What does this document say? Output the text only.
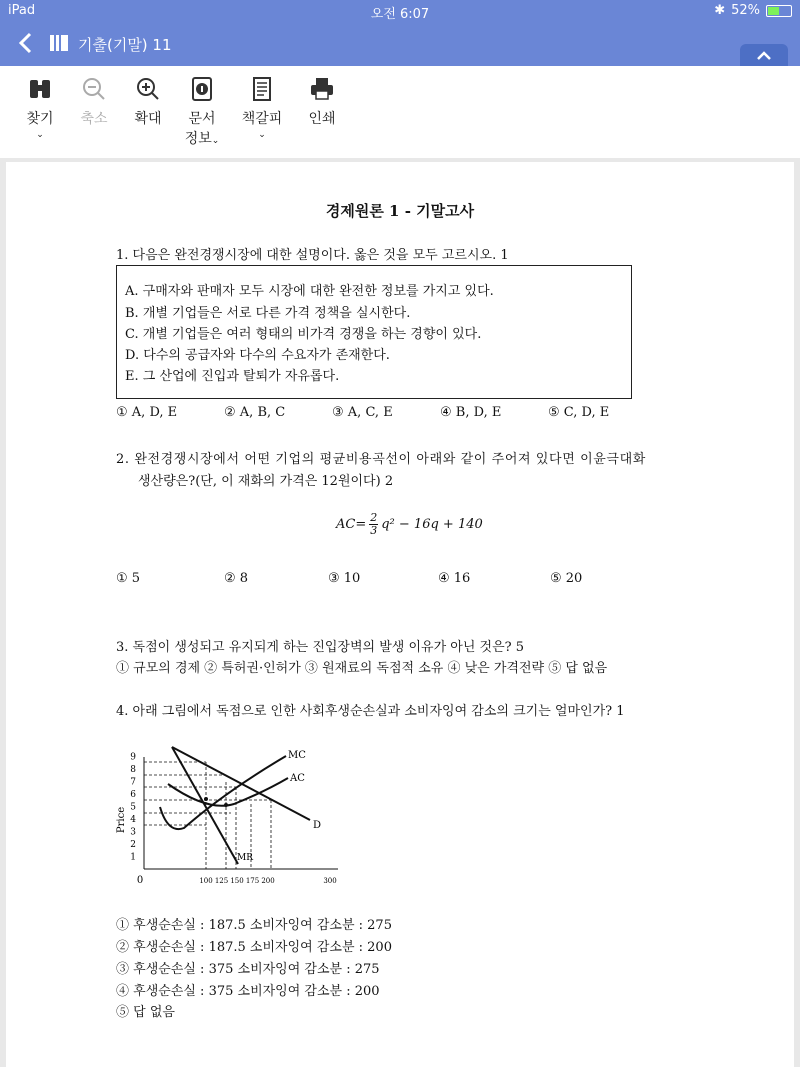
iPad	오전 6:07	✱ 52%
기출(기말) 11
찾기
⌄
축소	확대	문서
정보⌄
책갈피
⌄
인쇄
경제원론 1 - 기말고사
1. 다음은 완전경쟁시장에 대한 설명이다. 옳은 것을 모두 고르시오. 1
A. 구매자와 판매자 모두 시장에 대한 완전한 정보를 가지고 있다.
B. 개별 기업들은 서로 다른 가격 정책을 실시한다.
C. 개별 기업들은 여러 형태의 비가격 경쟁을 하는 경향이 있다.
D. 다수의 공급자와 다수의 수요자가 존재한다.
E. 그 산업에 진입과 탈퇴가 자유롭다.
① A, D, E	② A, B, C	③ A, C, E	④ B, D, E	⑤ C, D, E
2. 완전경쟁시장에서 어떤 기업의 평균비용곡선이 아래와 같이 주어져 있다면 이윤극대화
생산량은?(단, 이 재화의 가격은 12원이다) 2
$AC= \frac{2}{3} q^2 - 16q + 140$
① 5	② 8	③ 10	④ 16	⑤ 20
3. 독점이 생성되고 유지되게 하는 진입장벽의 발생 이유가 아닌 것은? 5
① 규모의 경제 ② 특허권·인허가 ③ 원재료의 독점적 소유 ④ 낮은 가격전략 ⑤ 답 없음
4. 아래 그림에서 독점으로 인한 사회후생순손실과 소비자잉여 감소의 크기는 얼마인가? 1
Price
1
2
3
4
5
6
7
8
9
0	100 125 150 175 200	300
MC
AC
D
MR
① 후생순손실 : 187.5 소비자잉여 감소분 : 275
② 후생순손실 : 187.5 소비자잉여 감소분 : 200
③ 후생순손실 : 375 소비자잉여 감소분 : 275
④ 후생순손실 : 375 소비자잉여 감소분 : 200
⑤ 답 없음
